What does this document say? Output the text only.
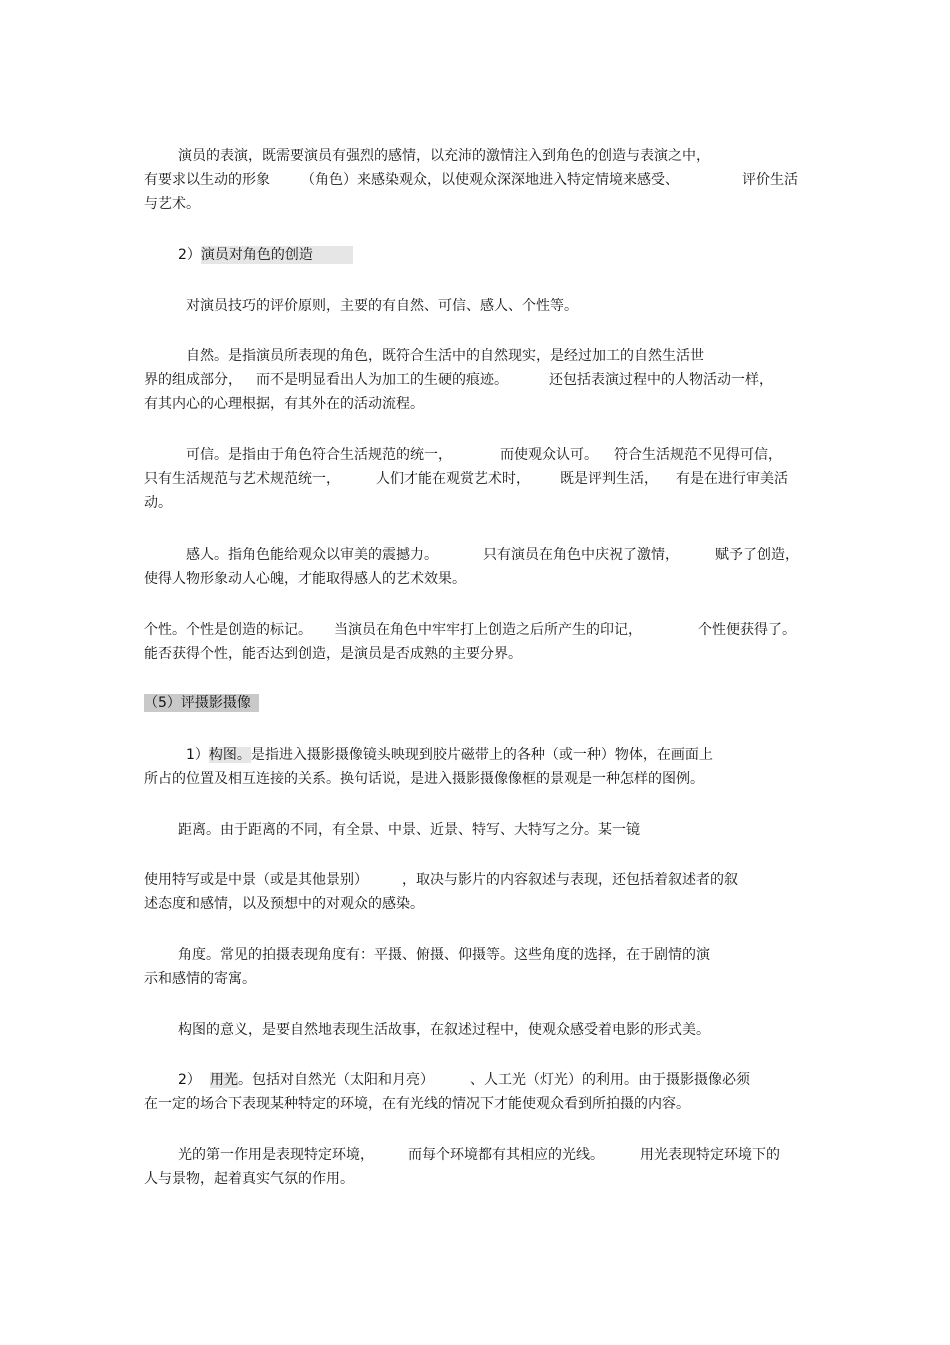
演员的表演，既需要演员有强烈的感情，以充沛的激情注入到角色的创造与表演之中，
有要求以生动的形象 （角色）来感染观众，以使观众深深地进入特定情境来感受、	评价生活
与艺术。
2）演员对角色的创造
对演员技巧的评价原则，主要的有自然、可信、感人、个性等。
自然。是指演员所表现的角色，既符合生活中的自然现实，是经过加工的自然生活世
界的组成部分， 而不是明显看出人为加工的生硬的痕迹。	还包括表演过程中的人物活动一样，
有其内心的心理根据，有其外在的活动流程。
可信。是指由于角色符合生活规范的统一，	而使观众认可。 符合生活规范不见得可信，
只有生活规范与艺术规范统一，	人们才能在观赏艺术时， 既是评判生活， 有是在进行审美活
动。
感人。指角色能给观众以审美的震撼力。	只有演员在角色中庆祝了激情，	赋予了创造，
使得人物形象动人心魄，才能取得感人的艺术效果。
个性。个性是创造的标记。 当演员在角色中牢牢打上创造之后所产生的印记，	个性便获得了。
能否获得个性，能否达到创造，是演员是否成熟的主要分界。
（5）评摄影摄像
1）构图。是指进入摄影摄像镜头映现到胶片磁带上的各种（或一种）物体，在画面上
所占的位置及相互连接的关系。换句话说，是进入摄影摄像像框的景观是一种怎样的图例。
距离。由于距离的不同，有全景、中景、近景、特写、大特写之分。某一镜
使用特写或是中景（或是其他景别） ，取决与影片的内容叙述与表现，还包括着叙述者的叙
述态度和感情，以及预想中的对观众的感染。
角度。常见的拍摄表现角度有：平摄、俯摄、仰摄等。这些角度的选择，在于剧情的演
示和感情的寄寓。
构图的意义，是要自然地表现生活故事，在叙述过程中，使观众感受着电影的形式美。
2） 用光。包括对自然光（太阳和月亮）	、人工光（灯光）的利用。由于摄影摄像必须
在一定的场合下表现某种特定的环境，在有光线的情况下才能使观众看到所拍摄的内容。
光的第一作用是表现特定环境， 而每个环境都有其相应的光线。	用光表现特定环境下的
人与景物，起着真实气氛的作用。
